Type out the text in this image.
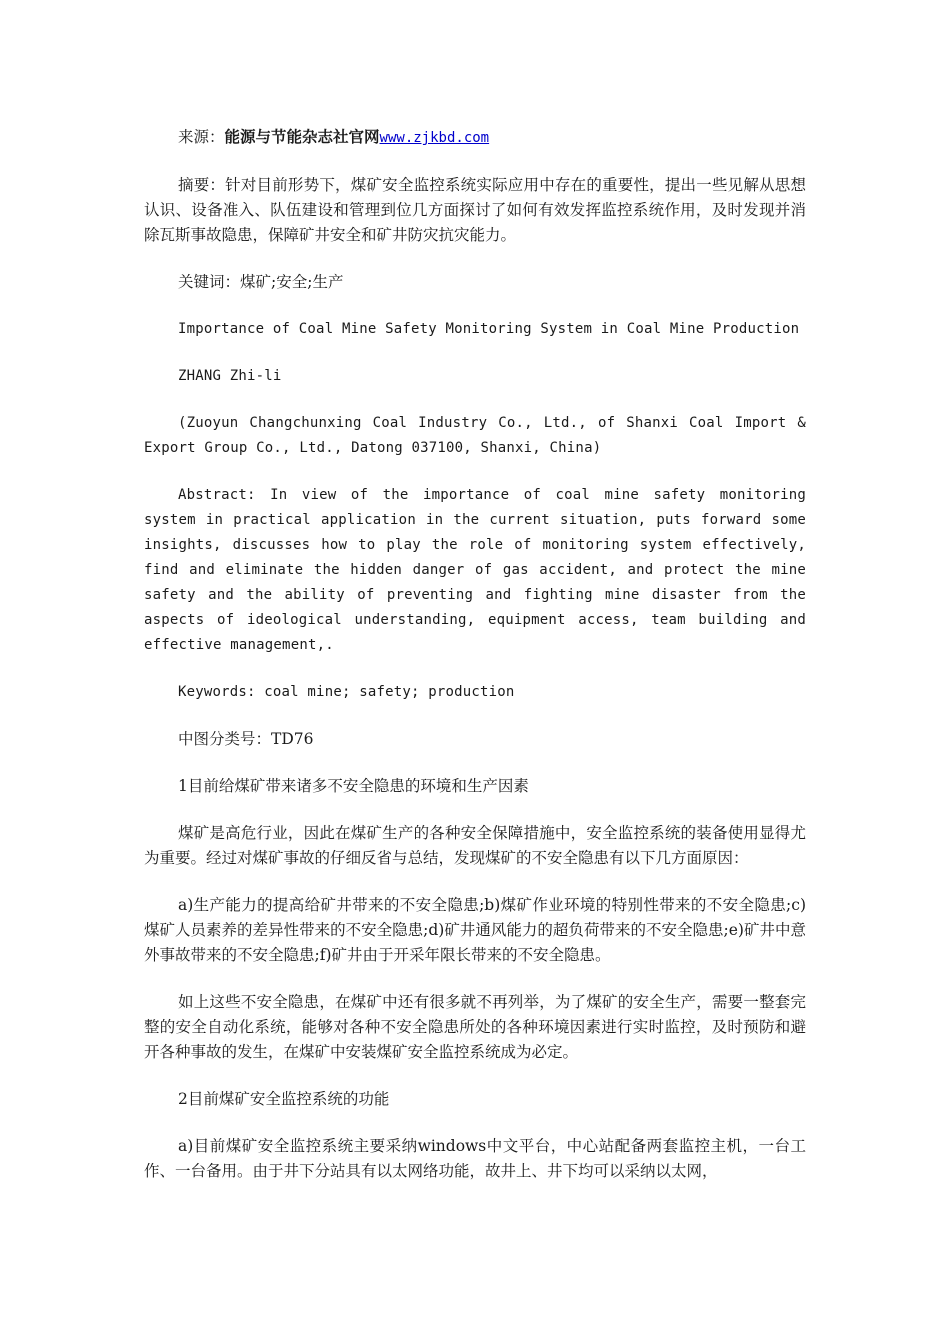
来源：能源与节能杂志社官网www.zjkbd.com

摘要：针对目前形势下，煤矿安全监控系统实际应用中存在的重要性，提出一些见解从思想认识、设备准入、队伍建设和管理到位几方面探讨了如何有效发挥监控系统作用，及时发现并消除瓦斯事故隐患，保障矿井安全和矿井防灾抗灾能力。

关键词：煤矿;安全;生产

Importance of Coal Mine Safety Monitoring System in Coal Mine Production

ZHANG Zhi-li

(Zuoyun Changchunxing Coal Industry Co., Ltd., of Shanxi Coal Import & Export Group Co., Ltd., Datong 037100, Shanxi, China)

Abstract: In view of the importance of coal mine safety monitoring system in practical application in the current situation, puts forward some insights, discusses how to play the role of monitoring system effectively, find and eliminate the hidden danger of gas accident, and protect the mine safety and the ability of preventing and fighting mine disaster from the aspects of ideological understanding, equipment access, team building and effective management,.

Keywords: coal mine; safety; production

中图分类号：TD76

1目前给煤矿带来诸多不安全隐患的环境和生产因素

煤矿是高危行业，因此在煤矿生产的各种安全保障措施中，安全监控系统的装备使用显得尤为重要。经过对煤矿事故的仔细反省与总结，发现煤矿的不安全隐患有以下几方面原因：

a)生产能力的提高给矿井带来的不安全隐患;b)煤矿作业环境的特别性带来的不安全隐患;c)煤矿人员素养的差异性带来的不安全隐患;d)矿井通风能力的超负荷带来的不安全隐患;e)矿井中意外事故带来的不安全隐患;f)矿井由于开采年限长带来的不安全隐患。

如上这些不安全隐患，在煤矿中还有很多就不再列举，为了煤矿的安全生产，需要一整套完整的安全自动化系统，能够对各种不安全隐患所处的各种环境因素进行实时监控，及时预防和避开各种事故的发生，在煤矿中安装煤矿安全监控系统成为必定。

2目前煤矿安全监控系统的功能

a)目前煤矿安全监控系统主要采纳windows中文平台，中心站配备两套监控主机，一台工作、一台备用。由于井下分站具有以太网络功能，故井上、井下均可以采纳以太网，
